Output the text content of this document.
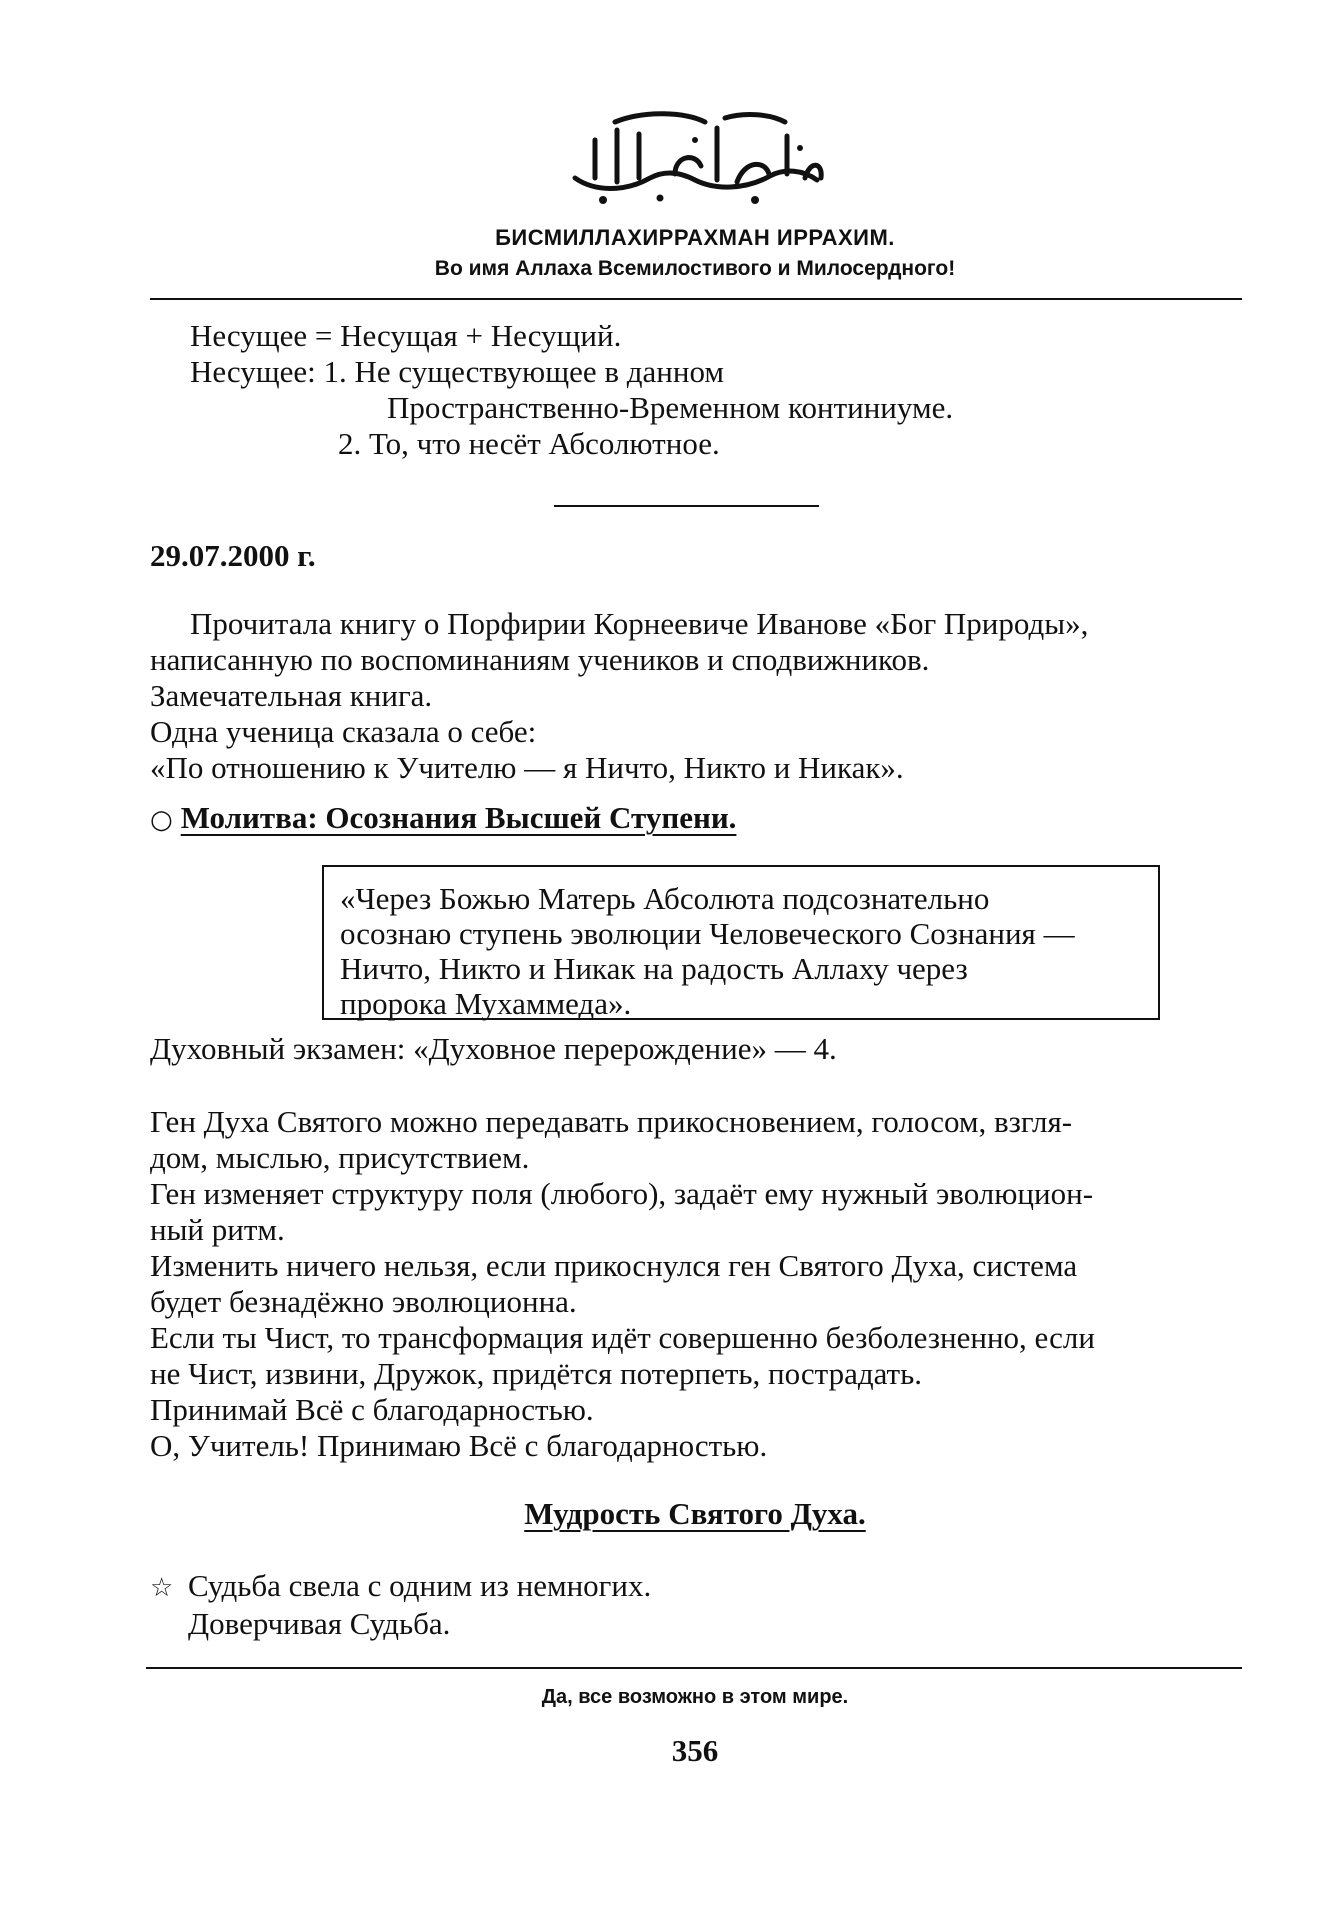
БИСМИЛЛАХИРРАХМАН ИРРАХИМ.
Во имя Аллаха Всемилостивого и Милосердного!
Несущее = Несущая + Несущий.
Несущее: 1. Не существующее в данном
Пространственно-Временном континиуме.
2. То, что несёт Абсолютное.
29.07.2000 г.
Прочитала книгу о Порфирии Корнеевиче Иванове «Бог Природы»,
написанную по воспоминаниям учеников и сподвижников.
Замечательная книга.
Одна ученица сказала о себе:
«По отношению к Учителю — я Ничто, Никто и Никак».
○ Молитва: Осознания Высшей Ступени.
«Через Божью Матерь Абсолюта подсознательно
осознаю ступень эволюции Человеческого Сознания —
Ничто, Никто и Никак на радость Аллаху через
пророка Мухаммеда».
Духовный экзамен: «Духовное перерождение» — 4.
Ген Духа Святого можно передавать прикосновением, голосом, взгля-
дом, мыслью, присутствием.
Ген изменяет структуру поля (любого), задаёт ему нужный эволюцион-
ный ритм.
Изменить ничего нельзя, если прикоснулся ген Святого Духа, система
будет безнадёжно эволюционна.
Если ты Чист, то трансформация идёт совершенно безболезненно, если
не Чист, извини, Дружок, придётся потерпеть, пострадать.
Принимай Всё с благодарностью.
О, Учитель! Принимаю Всё с благодарностью.
Мудрость Святого Духа.
☆ Судьба свела с одним из немногих.
Доверчивая Судьба.
Да, все возможно в этом мире.
356
